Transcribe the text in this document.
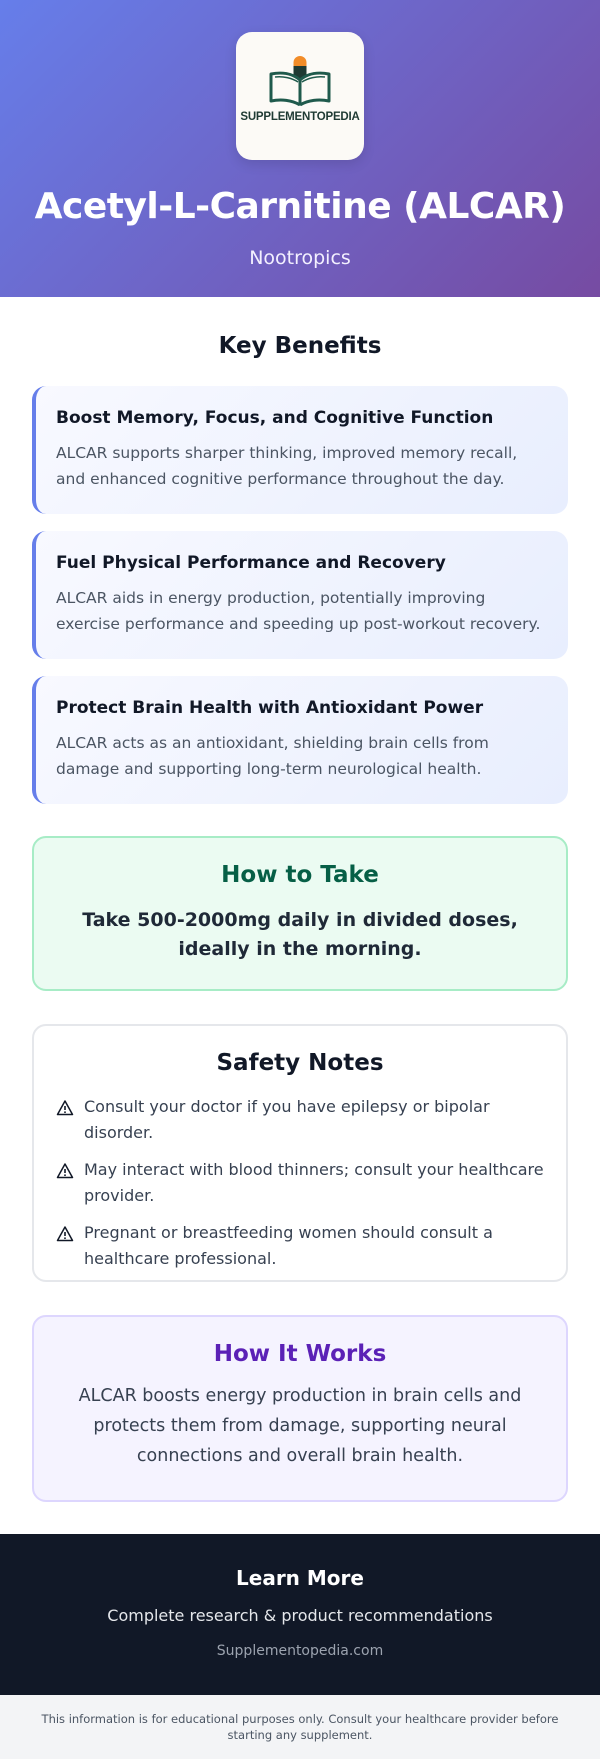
SUPPLEMENTOPEDIA
Acetyl-L-Carnitine (ALCAR)
Nootropics
Key Benefits
Boost Memory, Focus, and Cognitive Function

ALCAR supports sharper thinking, improved memory recall, and enhanced cognitive performance throughout the day.

Fuel Physical Performance and Recovery

ALCAR aids in energy production, potentially improving exercise performance and speeding up post-workout recovery.

Protect Brain Health with Antioxidant Power

ALCAR acts as an antioxidant, shielding brain cells from damage and supporting long-term neurological health.

How to Take

Take 500-2000mg daily in divided doses, ideally in the morning.

Safety Notes
Consult your doctor if you have epilepsy or bipolar disorder.
May interact with blood thinners; consult your healthcare provider.
Pregnant or breastfeeding women should consult a healthcare professional.
How It Works

ALCAR boosts energy production in brain cells and protects them from damage, supporting neural connections and overall brain health.

Learn More
Complete research & product recommendations
Supplementopedia.com
This information is for educational purposes only. Consult your healthcare provider before starting any supplement.
